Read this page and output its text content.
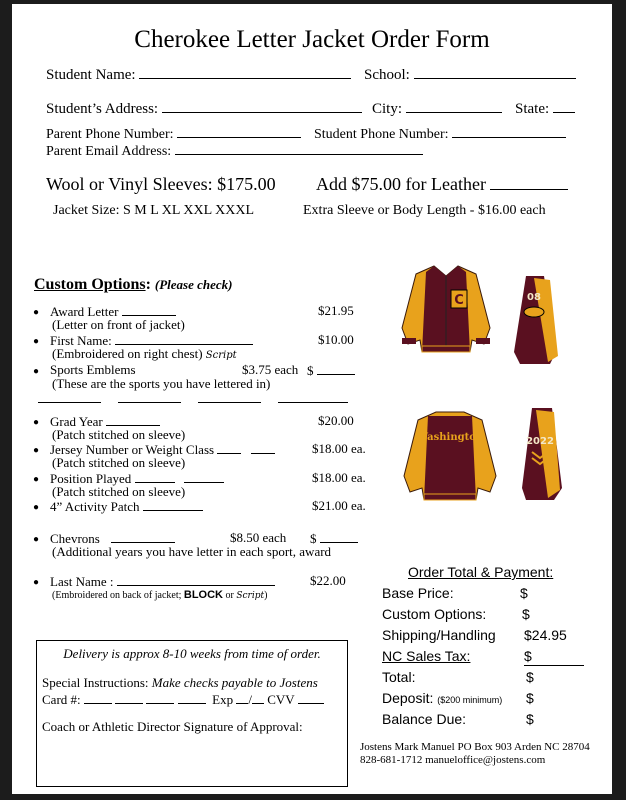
Cherokee Letter Jacket Order Form
Student Name:	School:
Student’s Address:	City:	State:
Parent Phone Number:	Student Phone Number:
Parent Email Address:
Wool or Vinyl Sleeves: $175.00 Add $75.00 for Leather
Jacket Size: S M L XL XXL XXXL	Extra Sleeve or Body Length - $16.00 each
Custom Options: (Please check)
● Award Letter	$21.95
(Letter on front of jacket)
● First Name:	$10.00
(Embroidered on right chest) Script
● Sports Emblems	$3.75 each $
(These are the sports you have lettered in)
● Grad Year	$20.00
(Patch stitched on sleeve)
● Jersey Number or Weight Class	$18.00 ea.
(Patch stitched on sleeve)
● Position Played	$18.00 ea.
(Patch stitched on sleeve)
● 4” Activity Patch	$21.00 ea.
● Chevrons	$8.50 each $
(Additional years you have letter in each sport, award
● Last Name :	$22.00
(Embroidered on back of jacket; BLOCK or Script)
Delivery is approx 8-10 weeks from time of order.
Special Instructions: Make checks payable to Jostens
Card #:	Exp / CVV
Coach or Athletic Director Signature of Approval:
Order Total & Payment:
Base Price:	$
Custom Options:	$
Shipping/Handling $24.95
NC Sales Tax:	$
Total:	$
Deposit: ($200 minimum) $
Balance Due:	$
Jostens Mark Manuel PO Box 903 Arden NC 28704
828-681-1712 manueloffice@jostens.com
C	08
Washington	2022
